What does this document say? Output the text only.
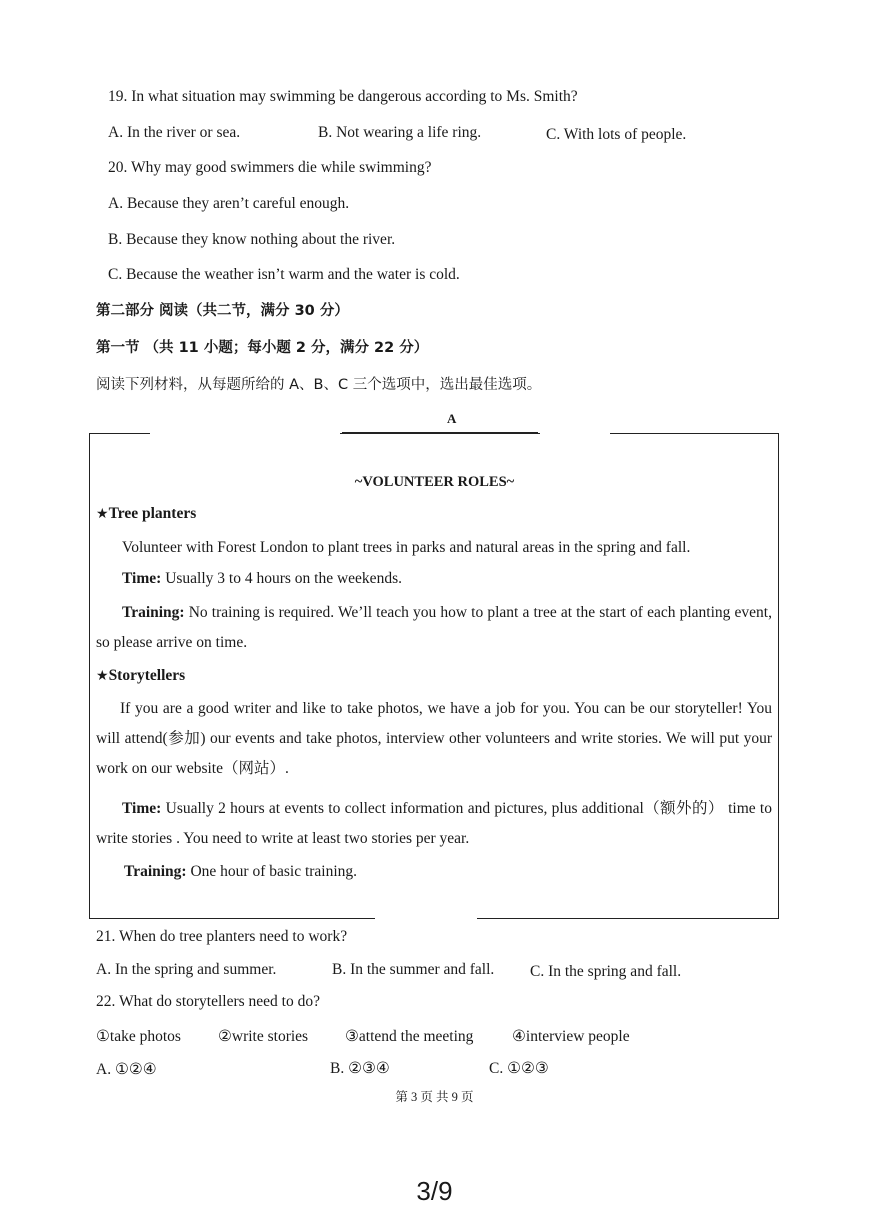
19. In what situation may swimming be dangerous according to Ms. Smith?
A. In the river or sea.	B. Not wearing a life ring.	C. With lots of people.
20. Why may good swimmers die while swimming?
A. Because they aren’t careful enough.
B. Because they know nothing about the river.
C. Because the weather isn’t warm and the water is cold.
第二部分 阅读（共二节，满分 30 分）
第一节 （共 11 小题；每小题 2 分，满分 22 分）
阅读下列材料，从每题所给的 A、B、C 三个选项中，选出最佳选项。
A
~VOLUNTEER ROLES~
★Tree planters
Volunteer with Forest London to plant trees in parks and natural areas in the spring and fall.
Time: Usually 3 to 4 hours on the weekends.
Training: No training is required. We’ll teach you how to plant a tree at the start of each planting event, so please arrive on time.
★Storytellers
If you are a good writer and like to take photos, we have a job for you. You can be our storyteller! You will attend(参加) our events and take photos, interview other volunteers and write stories. We will put your work on our website（网站）.
Time: Usually 2 hours at events to collect information and pictures, plus additional（额外的） time to write stories . You need to write at least two stories per year.
Training: One hour of basic training.
21. When do tree planters need to work?
A. In the spring and summer.	B. In the summer and fall. C. In the spring and fall.
22. What do storytellers need to do?
①take photos ②write stories ③attend the meeting ④interview people
A. ①②④	B. ②③④	C. ①②③
第 3 页 共 9 页
3/9
